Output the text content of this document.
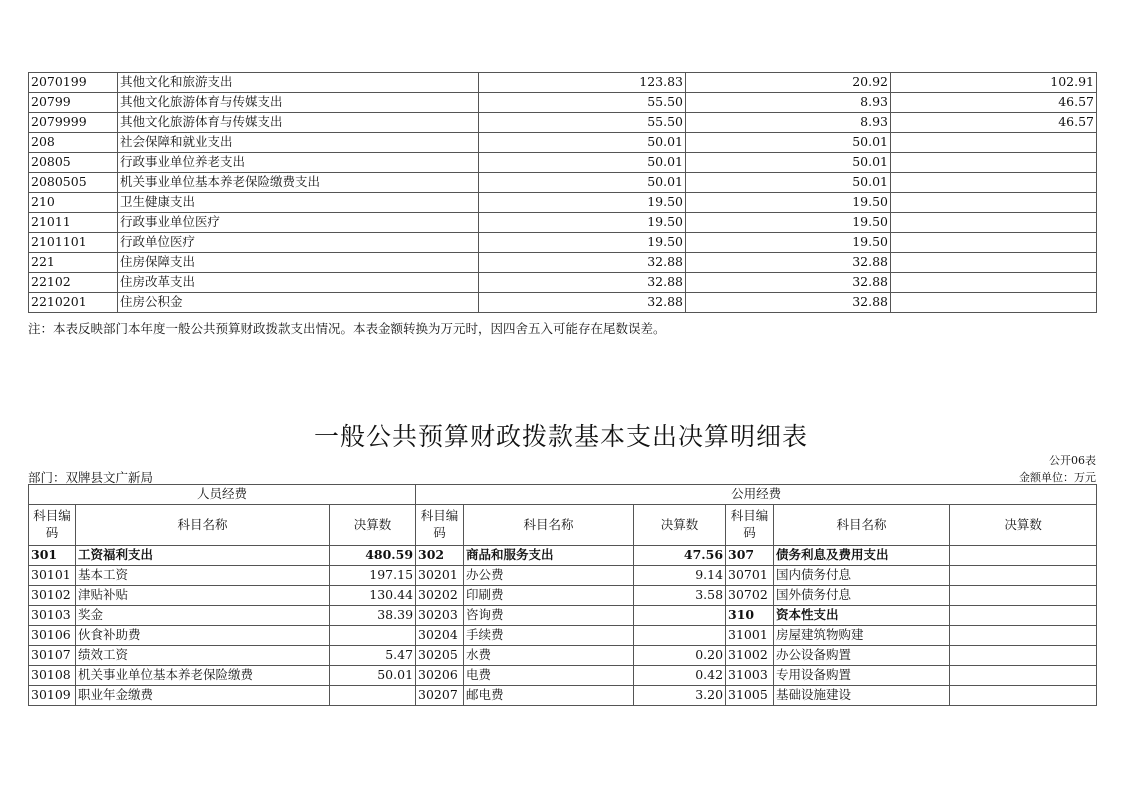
2070199	其他文化和旅游支出	123.83	20.92	102.91
20799	其他文化旅游体育与传媒支出	55.50	8.93	46.57
2079999	其他文化旅游体育与传媒支出	55.50	8.93	46.57
208	社会保障和就业支出	50.01	50.01	
20805	行政事业单位养老支出	50.01	50.01	
2080505	机关事业单位基本养老保险缴费支出	50.01	50.01	
210	卫生健康支出	19.50	19.50	
21011	行政事业单位医疗	19.50	19.50	
2101101	行政单位医疗	19.50	19.50	
221	住房保障支出	32.88	32.88	
22102	住房改革支出	32.88	32.88	
2210201	住房公积金	32.88	32.88	
注：本表反映部门本年度一般公共预算财政拨款支出情况。本表金额转换为万元时，因四舍五入可能存在尾数误差。
一般公共预算财政拨款基本支出决算明细表
公开06表
部门：双牌县文广新局	金额单位：万元
人员经费			公用经费					
科目编码	科目名称	决算数	科目编码	科目名称	决算数	科目编码	科目名称	决算数
301	工资福利支出	480.59	302	商品和服务支出	47.56	307	债务利息及费用支出	
30101	基本工资	197.15	30201	办公费	9.14	30701	国内债务付息	
30102	津贴补贴	130.44	30202	印刷费	3.58	30702	国外债务付息	
30103	奖金	38.39	30203	咨询费		310	资本性支出	
30106	伙食补助费		30204	手续费		31001	房屋建筑物购建	
30107	绩效工资	5.47	30205	水费	0.20	31002	办公设备购置	
30108	机关事业单位基本养老保险缴费	50.01	30206	电费	0.42	31003	专用设备购置	
30109	职业年金缴费		30207	邮电费	3.20	31005	基础设施建设	
